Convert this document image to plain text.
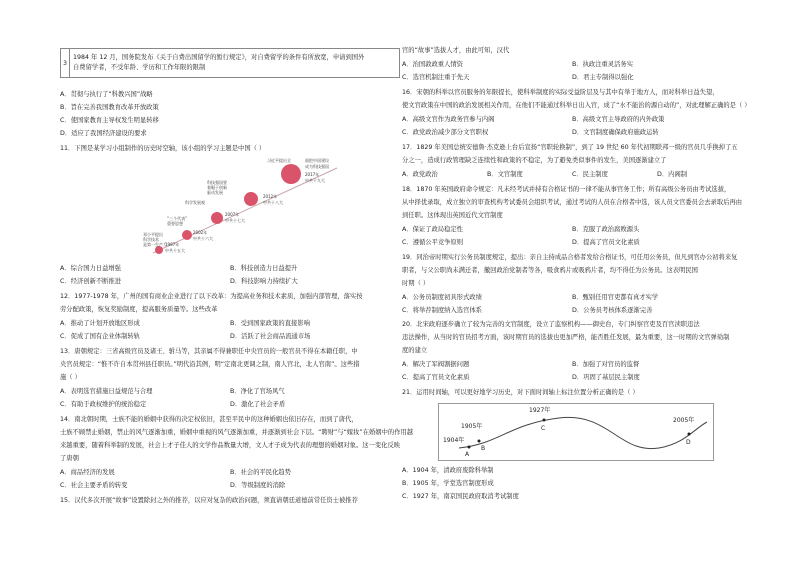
3
1984 年 12 月，国务院发布《关于自费出国留学的暂行规定》，对自费留学的条件有所放宽，申请到国外
自费留学者，不受年龄、学历和工作年限的限制
A．贯彻与执行了“科教兴国”战略
B．旨在完善我国教育改革开放政策
C．使国家教育主导权发生明显转移
D．适应了我国经济建设的要求
11．下图是某学习小组制作的历史时空轴，该小组的学习主题是中国（ ）
1997年
中共十五大
邓小平提出
科学技术
是第一生产力
2002年
中共十六大
“三个代表”
重要思想
2007年
中共十七大
科学发展观
2012年
中共十八大
科技强国要
着眼于创新
驱动发展
2017年
中共十九大
习近平提出全	面把中国建设
成为科技强国
A．综合国力日益增强	B．科技创造力日益提升
C．经济创新不断推进	D．科技影响力持续扩大
12．1977-1978 年，广州的国有商业企业进行了以下改革：为提高业务和技术素质，加强内部管理，落实按
劳分配政策，恢复奖励制度，提高服务质量等。这些改革
A．推动了计划开放地区形成	B．受到国家政策的直接影响
C．促成了国有企业体制转轨	D．活跃了社会商品流通市场
13．唐朝规定：三省高级官员及诸王、驸马等，其亲属不得兼职任中央官员的一般官员不得在本籍任职，中
央官员规定：“惟不许自本贯州县任职员。”明代沿其例，明“定南北更调之制，南人官北，北人官南”。这些措
施（ ）
A．表明选官措施日益规范与合理	B．净化了官场风气
C．有助于政权维护的统治稳定	D．激化了社会矛盾
14．南北朝时期，士族不能的婚姻中获得的决定权依旧，甚至平民中的这种婚姻也依旧存在，而到了唐代，
士族不顾禁止婚姻，禁止的风气逐渐加重，婚姻中重视的风气逐渐加重，并逐渐到社会下层。“聘财”与“嫁妆”在婚姻中的作用越
来越重要，随着科举制的发展，社会上才子佳人的文学作品数量大增，文人才子成为代表的理想的婚姻对象。这一变化反映
了唐朝
A．商品经济的发展	B．社会的平民化趋势
C．社会主要矛盾的转变	D．等级制度的消除
15．汉代多次开展“故事”设置除封之外的推荐，以应对复杂的政治问题，须直请朝廷道德前常任资士被推荐
官的“故事”选拔人才，由此可知，汉代
A．治国敦政重人情资	B．执政注重灵活务实
C．选官机制注重于先天	D．君主专制得以强化
16．宋朝的科举以官员服务的年限提长，使科举制度的实际受益阶层及与其中有举于地方人，而对科举日益失望，
使文官政策在中国的政治发展相关作用，在他们不能通过科举日出入官，成了“水不能治的源自动的”，对此理解正确的是（ ）
A．高级文官作为政务官参与内阁	B．高级文官主导政府的内外政策
C．政党政治减少部分文官职权	D．文官制度确保政府施政运转
17．1829 年美国总统安德鲁·杰克逊上台后宣扬“官职轮换制”，到了 19 世纪 60 年代初期联邦一级的官员几乎换掉了五
分之一，造成行政管理缺乏连续性和政策的不稳定，为了避免类似事件的发生，美国逐渐建立了
A．政党政治	B．文官制度	C．民主制度	D．内阁制
18．1870 年英国政府命令规定：凡未经考试并持有合格证书的一律不能从事官务工作；所有高级公务员由考试选拔，
从中择优录取，成立独立的审查机构考试委员会组织考试，通过考试的人员在合格者中选，该人员文官委员会去录取后再由
到任职。这体现出英国近代文官制度
A．保证了政局稳定性	B．克服了政治腐败源头
C．遵循公平竞争原则	D．提高了官员文化素质
19．同治帝时期实行公务员制度规定，提出：亲自主持成品合格者发给合格证书，可任用公务员，但凡到官办公初将来复
职者，与父公职尚未满迁者，撤回政治党制者等各，吸食鸦片或吸鸦片者，均不得任为公务员。这表明民国
时期（ ）
A．公务员制度初具形式政绩	B．甄别任用官吏都有真才实学
C．将举荐制度纳入选官体系	D．公务员考核体系逐渐完善
20．北宋政府逐步确立了较为完善的文官制度，设立了监察机构——御史台，专门纠察官吏及百官渎职违法
违法操作，从当时的官员招考方面，该时期官员的选拔也更加严格，能否胜任发展，最为重要，这一时期的文官弹劾制
度的建立
A．解决了军阀割据问题	B．加强了对官员的监督
C．提高了官员文化素质	D．巩固了基层民主制度
21．运用时间轴，可以更好地学习历史，对下面时间轴上标注位置分析正确的是（ ）
1904年
A
1905年
B
1927年
C
2005年
D
A．1904 年，清政府废除科举制
B．1905 年，学堂选官制度形成
C．1927 年，南京国民政府取消考试制度
